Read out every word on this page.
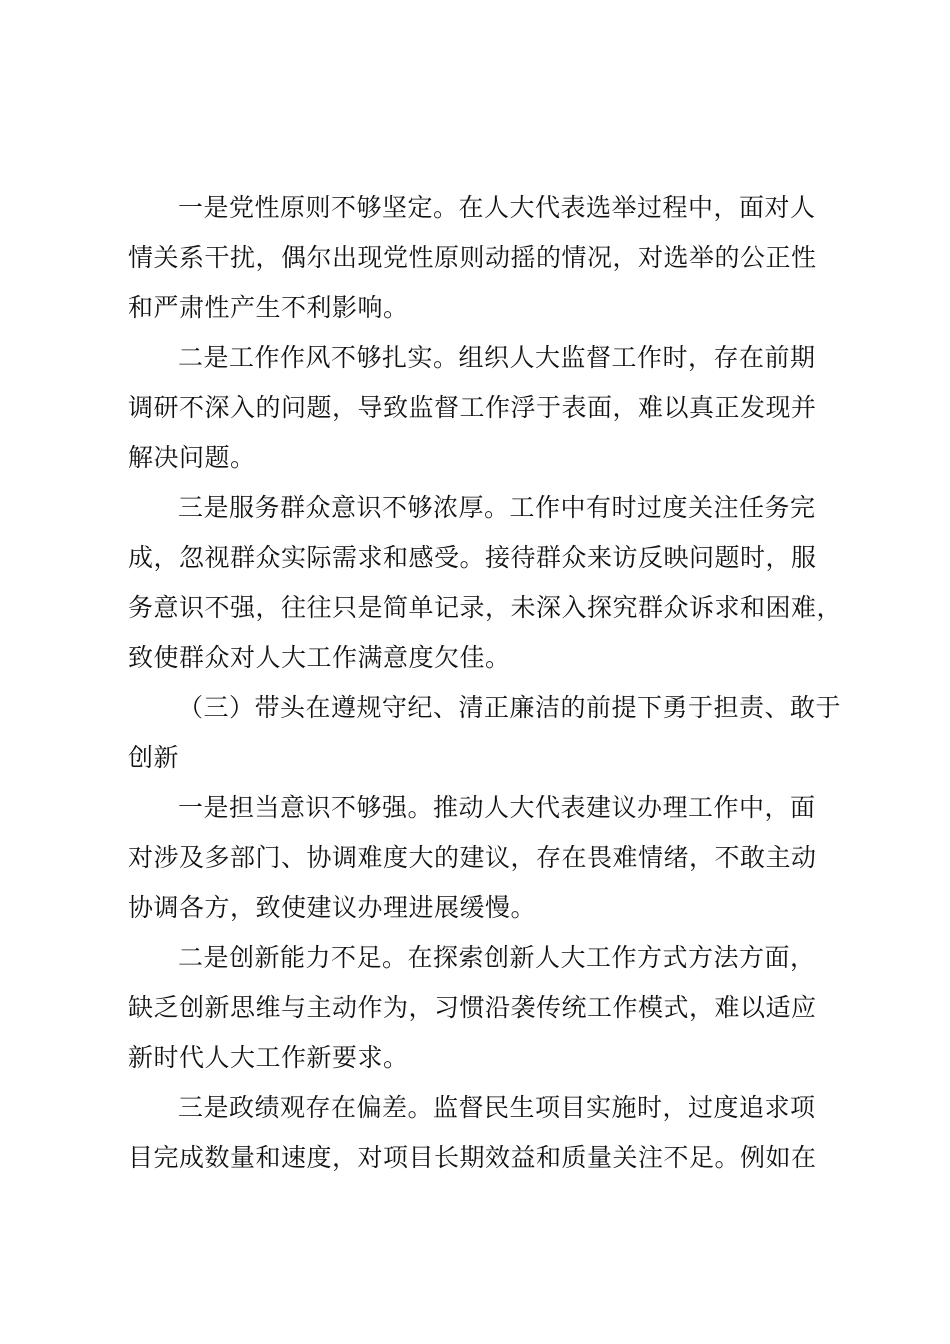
一是党性原则不够坚定。在人大代表选举过程中，面对人
情关系干扰，偶尔出现党性原则动摇的情况，对选举的公正性
和严肃性产生不利影响。
二是工作作风不够扎实。组织人大监督工作时，存在前期
调研不深入的问题，导致监督工作浮于表面，难以真正发现并
解决问题。
三是服务群众意识不够浓厚。工作中有时过度关注任务完
成，忽视群众实际需求和感受。接待群众来访反映问题时，服
务意识不强，往往只是简单记录，未深入探究群众诉求和困难，
致使群众对人大工作满意度欠佳。
（三）带头在遵规守纪、清正廉洁的前提下勇于担责、敢于
创新
一是担当意识不够强。推动人大代表建议办理工作中，面
对涉及多部门、协调难度大的建议，存在畏难情绪，不敢主动
协调各方，致使建议办理进展缓慢。
二是创新能力不足。在探索创新人大工作方式方法方面，
缺乏创新思维与主动作为，习惯沿袭传统工作模式，难以适应
新时代人大工作新要求。
三是政绩观存在偏差。监督民生项目实施时，过度追求项
目完成数量和速度，对项目长期效益和质量关注不足。例如在
